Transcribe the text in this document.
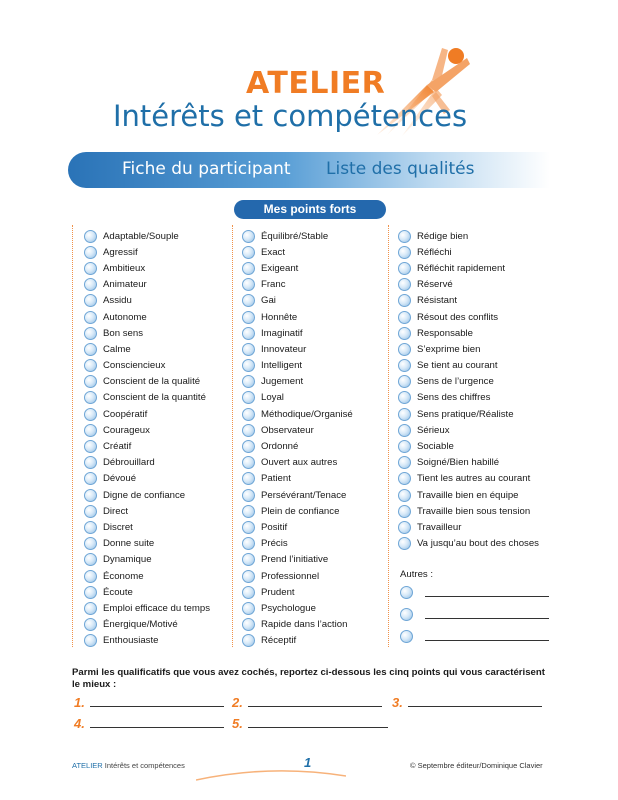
ATELIER
Intérêts et compétences
Fiche du participant Liste des qualités
Mes points forts
Adaptable/Souple
Agressif
Ambitieux
Animateur
Assidu
Autonome
Bon sens
Calme
Consciencieux
Conscient de la qualité
Conscient de la quantité
Coopératif
Courageux
Créatif
Débrouillard
Dévoué
Digne de confiance
Direct
Discret
Donne suite
Dynamique
Économe
Écoute
Emploi efficace du temps
Énergique/Motivé
Enthousiaste
Équilibré/Stable
Exact
Exigeant
Franc
Gai
Honnête
Imaginatif
Innovateur
Intelligent
Jugement
Loyal
Méthodique/Organisé
Observateur
Ordonné
Ouvert aux autres
Patient
Persévérant/Tenace
Plein de confiance
Positif
Précis
Prend l’initiative
Professionnel
Prudent
Psychologue
Rapide dans l’action
Réceptif
Rédige bien
Réfléchi
Réfléchit rapidement
Réservé
Résistant
Résout des conflits
Responsable
S’exprime bien
Se tient au courant
Sens de l’urgence
Sens des chiffres
Sens pratique/Réaliste
Sérieux
Sociable
Soigné/Bien habillé
Tient les autres au courant
Travaille bien en équipe
Travaille bien sous tension
Travailleur
Va jusqu’au bout des choses
Autres :
Parmi les qualificatifs que vous avez cochés, reportez ci-dessous les cinq points qui vous caractérisent le mieux :
1.	2.	3.
4.	5.
ATELIER Intérêts et compétences	1	© Septembre éditeur/Dominique Clavier
